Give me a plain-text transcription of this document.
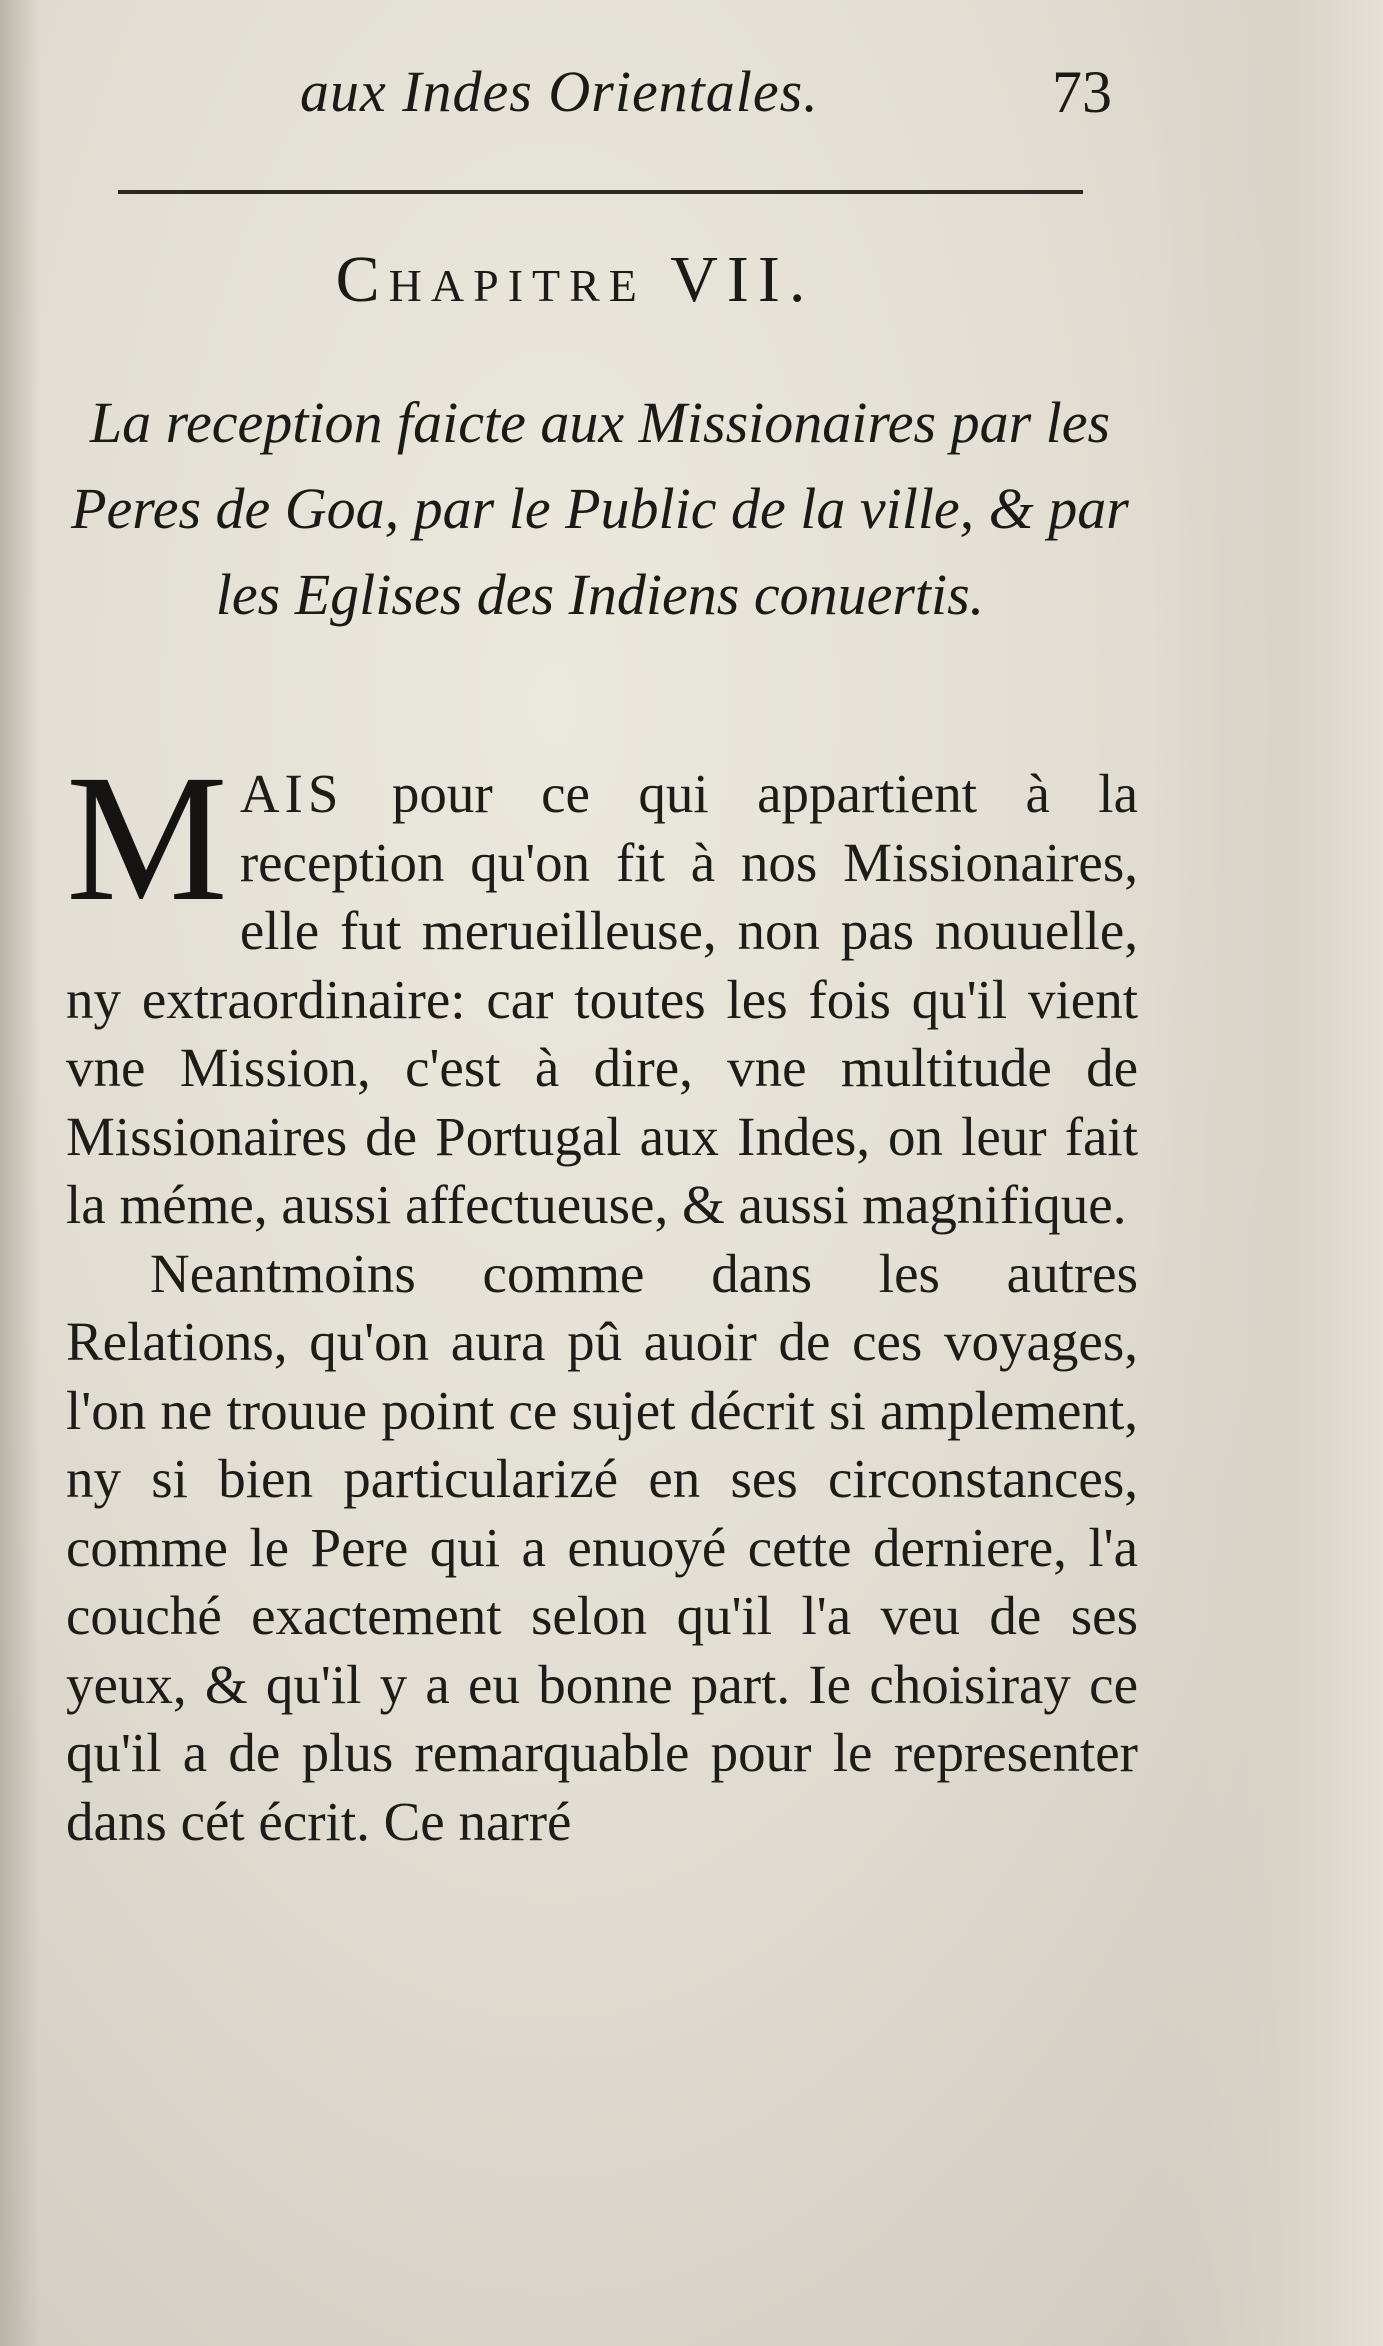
aux Indes Orientales.	73
Chapitre VII.
La reception faicte aux Missionaires par les Peres de Goa, par le Public de la ville, & par les Eglises des Indiens conuertis.

MAIS pour ce qui appartient à la reception qu'on fit à nos Missionaires, elle fut merueilleuse, non pas nouuelle, ny extraordinaire: car toutes les fois qu'il vient vne Mission, c'est à dire, vne multitude de Missionaires de Portugal aux Indes, on leur fait la méme, aussi affectueuse, & aussi magnifique.

Neantmoins comme dans les autres Relations, qu'on aura pû auoir de ces voyages, l'on ne trouue point ce sujet décrit si amplement, ny si bien particularizé en ses circonstances, comme le Pere qui a enuoyé cette derniere, l'a couché exactement selon qu'il l'a veu de ses yeux, & qu'il y a eu bonne part. Ie choisiray ce qu'il a de plus remarquable pour le representer dans cét écrit. Ce narré
